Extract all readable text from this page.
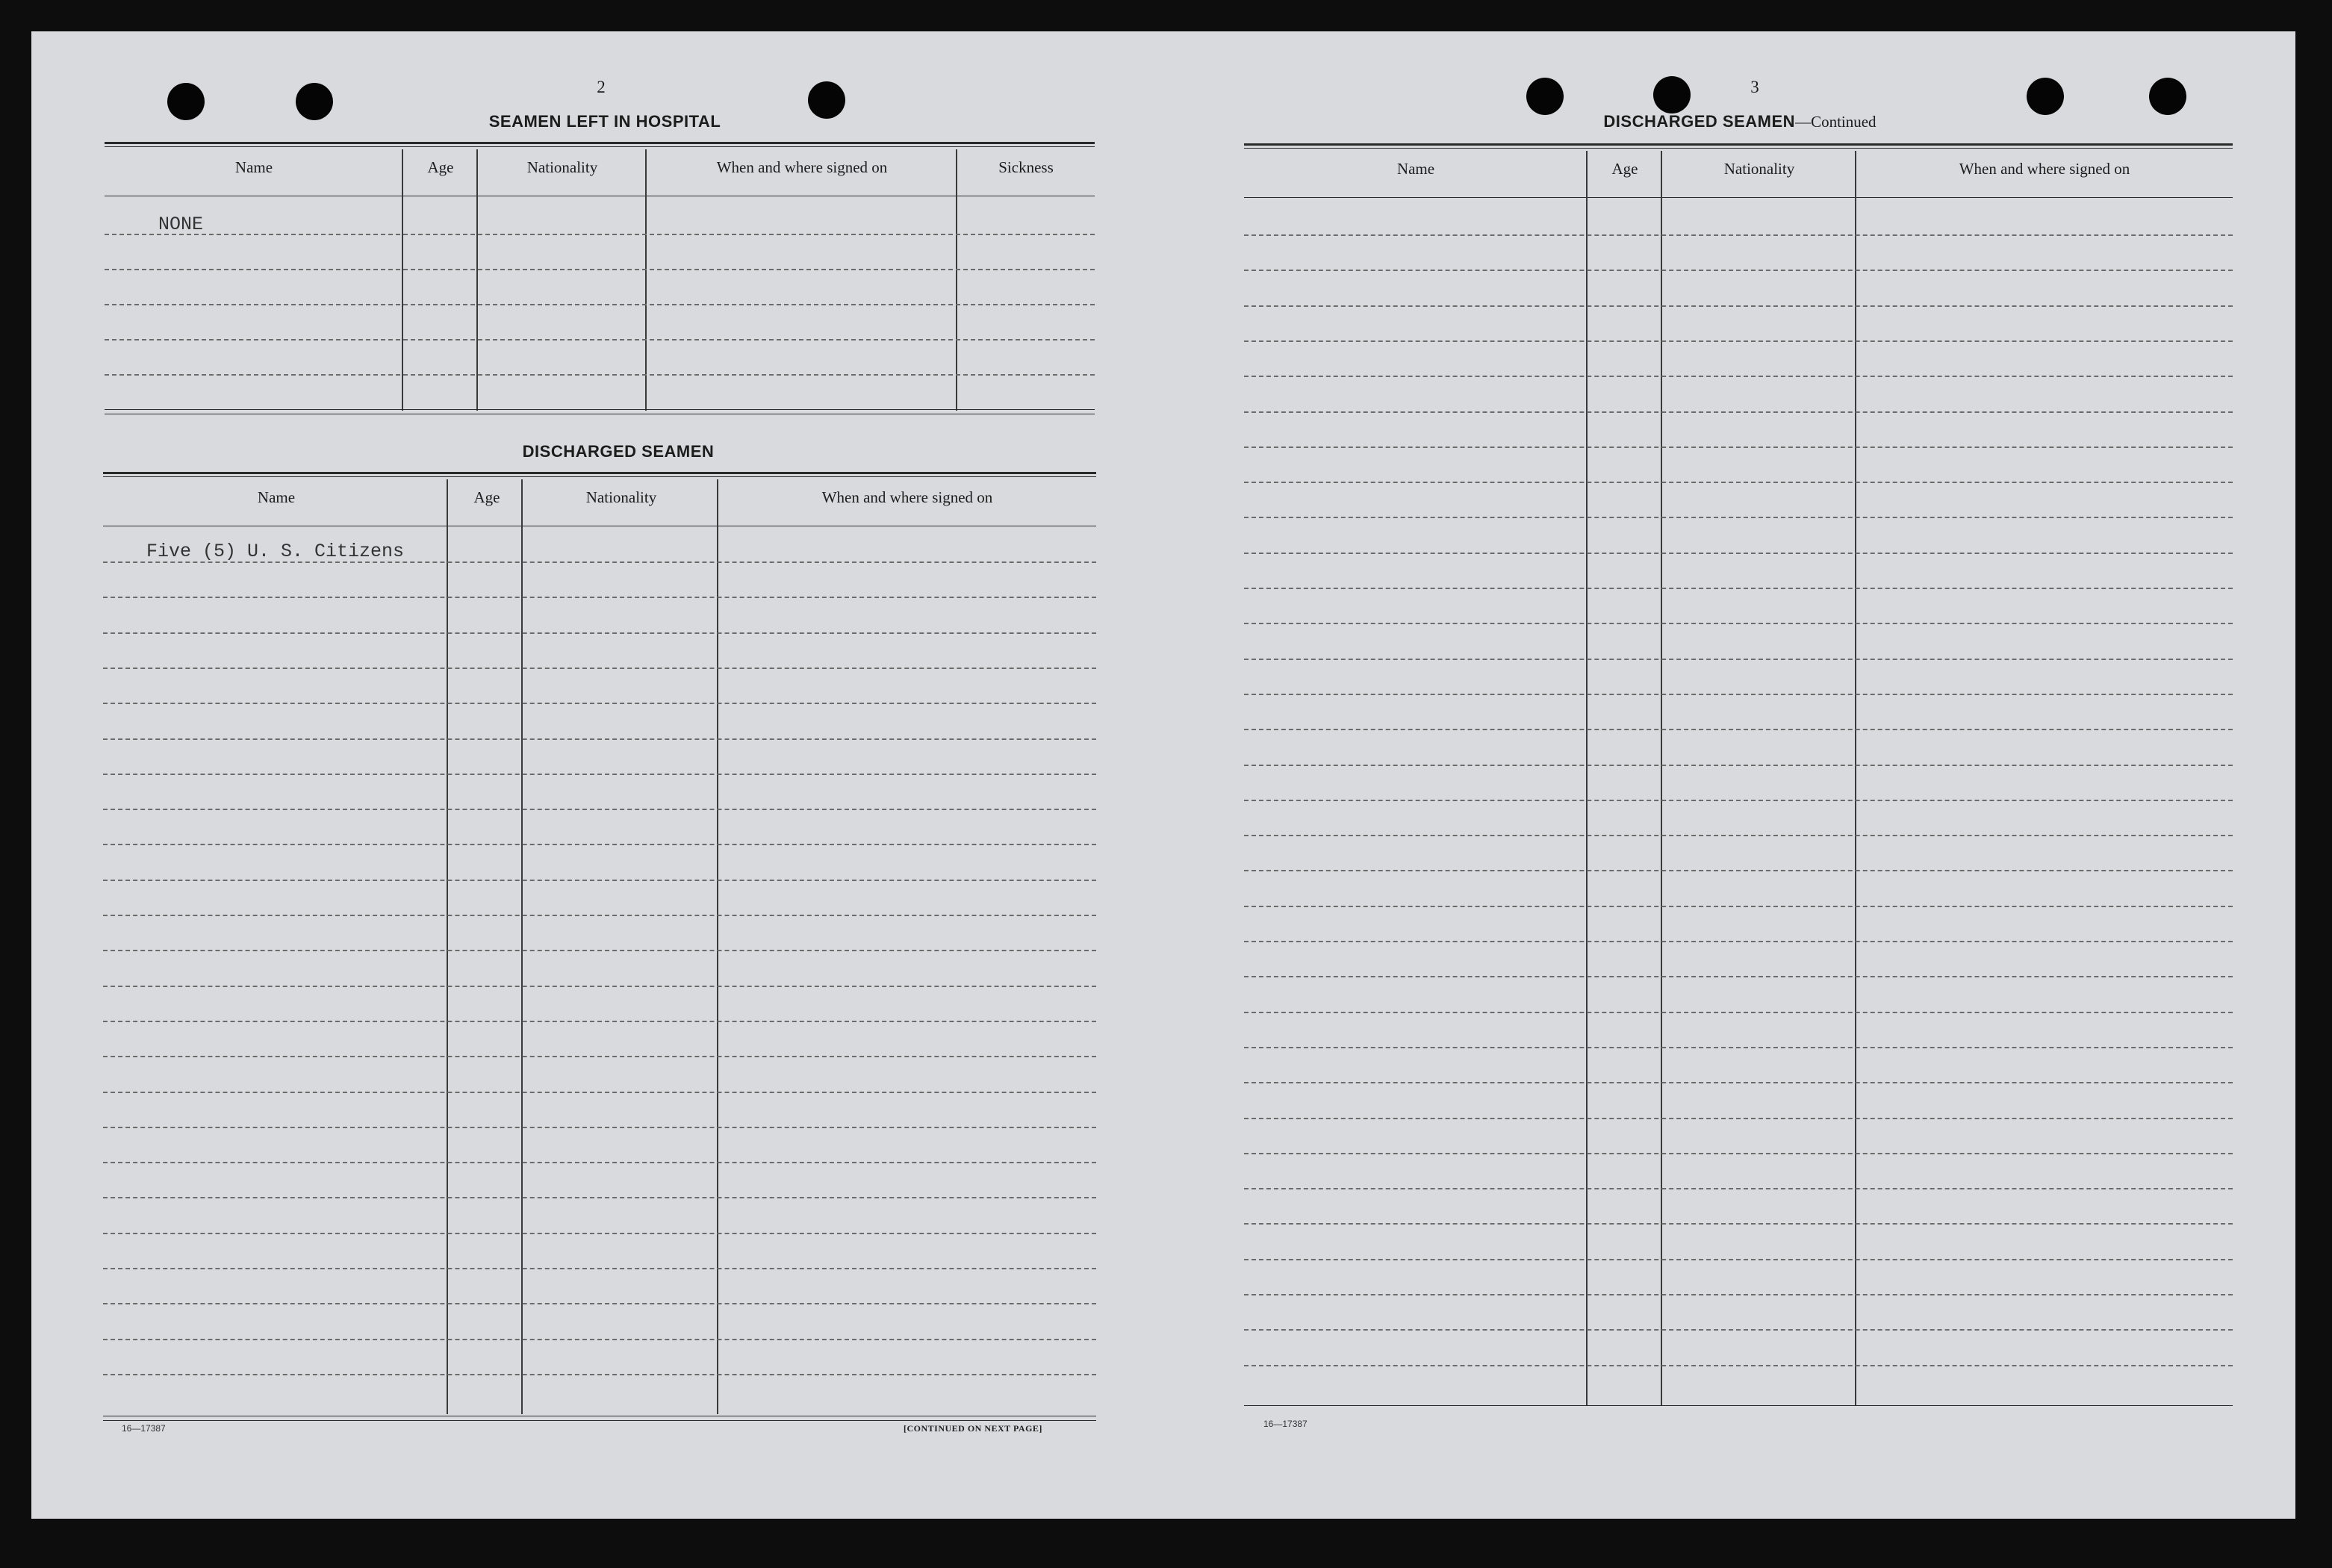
2
SEAMEN LEFT IN HOSPITAL
Name	Age	Nationality	When and where signed on	Sickness
NONE
DISCHARGED SEAMEN
Name	Age	Nationality	When and where signed on
Five (5) U. S. Citizens
16—17387	[CONTINUED ON NEXT PAGE]
3
DISCHARGED SEAMEN—Continued
Name	Age	Nationality	When and where signed on
16—17387
